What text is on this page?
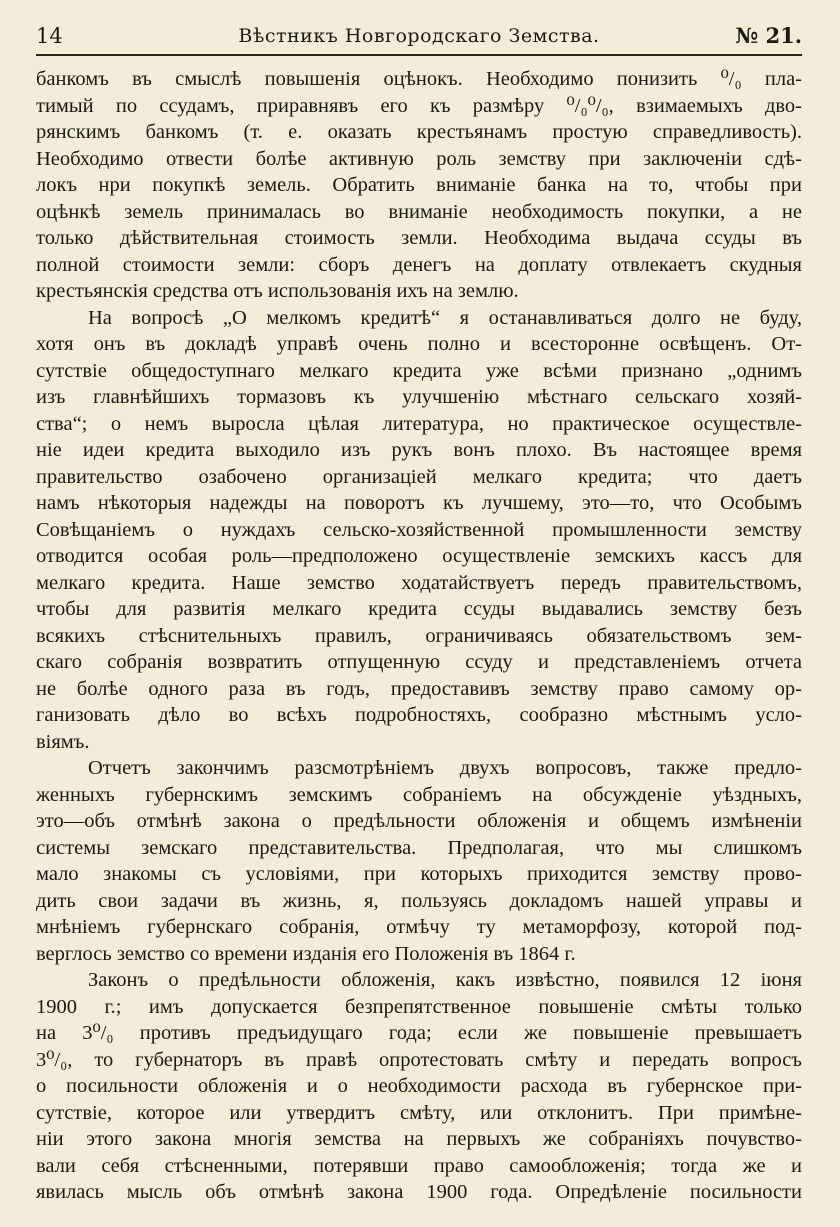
14	Вѣстникъ Новгородскаго Земства.	№ 21.
банкомъ въ смыслѣ повышенія оцѣнокъ. Необходимо понизить ⁰/₀ пла-
тимый по ссудамъ, приравнявъ его къ размѣру ⁰/₀⁰/₀, взимаемыхъ дво-
рянскимъ банкомъ (т. е. оказать крестьянамъ простую справедливость).
Необходимо отвести болѣе активную роль земству при заключеніи сдѣ-
локъ нри покупкѣ земель. Обратить вниманіе банка на то, чтобы при
оцѣнкѣ земель принималась во вниманіе необходимость покупки, а не
только дѣйствительная стоимость земли. Необходима выдача ссуды въ
полной стоимости земли: сборъ денегъ на доплату отвлекаетъ скудныя
крестьянскія средства отъ использованія ихъ на землю.
На вопросѣ „О мелкомъ кредитѣ“ я останавливаться долго не буду,
хотя онъ въ докладѣ управѣ очень полно и всесторонне освѣщенъ. От-
сутствіе общедоступнаго мелкаго кредита уже всѣми признано „однимъ
изъ главнѣйшихъ тормазовъ къ улучшенію мѣстнаго сельскаго хозяй-
ства“; о немъ выросла цѣлая литература, но практическое осуществле-
ніе идеи кредита выходило изъ рукъ вонъ плохо. Въ настоящее время
правительство озабочено организаціей мелкаго кредита; что даетъ
намъ нѣкоторыя надежды на поворотъ къ лучшему, это—то, что Особымъ
Совѣщаніемъ о нуждахъ сельско-хозяйственной промышленности земству
отводится особая роль—предположено осуществленіе земскихъ кассъ для
мелкаго кредита. Наше земство ходатайствуетъ передъ правительствомъ,
чтобы для развитія мелкаго кредита ссуды выдавались земству безъ
всякихъ стѣснительныхъ правилъ, ограничиваясь обязательствомъ зем-
скаго собранія возвратить отпущенную ссуду и представленіемъ отчета
не болѣе одного раза въ годъ, предоставивъ земству право самому ор-
ганизовать дѣло во всѣхъ подробностяхъ, сообразно мѣстнымъ усло-
віямъ.
Отчетъ закончимъ разсмотрѣніемъ двухъ вопросовъ, также предло-
женныхъ губернскимъ земскимъ собраніемъ на обсужденіе уѣздныхъ,
это—объ отмѣнѣ закона о предѣльности обложенія и общемъ измѣненіи
системы земскаго представительства. Предполагая, что мы слишкомъ
мало знакомы съ условіями, при которыхъ приходится земству прово-
дить свои задачи въ жизнь, я, пользуясь докладомъ нашей управы и
мнѣніемъ губернскаго собранія, отмѣчу ту метаморфозу, которой под-
верглось земство со времени изданія его Положенія въ 1864 г.
Законъ о предѣльности обложенія, какъ извѣстно, появился 12 іюня
1900 г.; имъ допускается безпрепятственное повышеніе смѣты только
на 3⁰/₀ противъ предъидущаго года; если же повышеніе превышаетъ
3⁰/₀, то губернаторъ въ правѣ опротестовать смѣту и передать вопросъ
о посильности обложенія и о необходимости расхода въ губернское при-
сутствіе, которое или утвердитъ смѣту, или отклонитъ. При примѣне-
ніи этого закона многія земства на первыхъ же собраніяхъ почувство-
вали себя стѣсненными, потерявши право самообложенія; тогда же и
явилась мысль объ отмѣнѣ закона 1900 года. Опредѣленіе посильности
